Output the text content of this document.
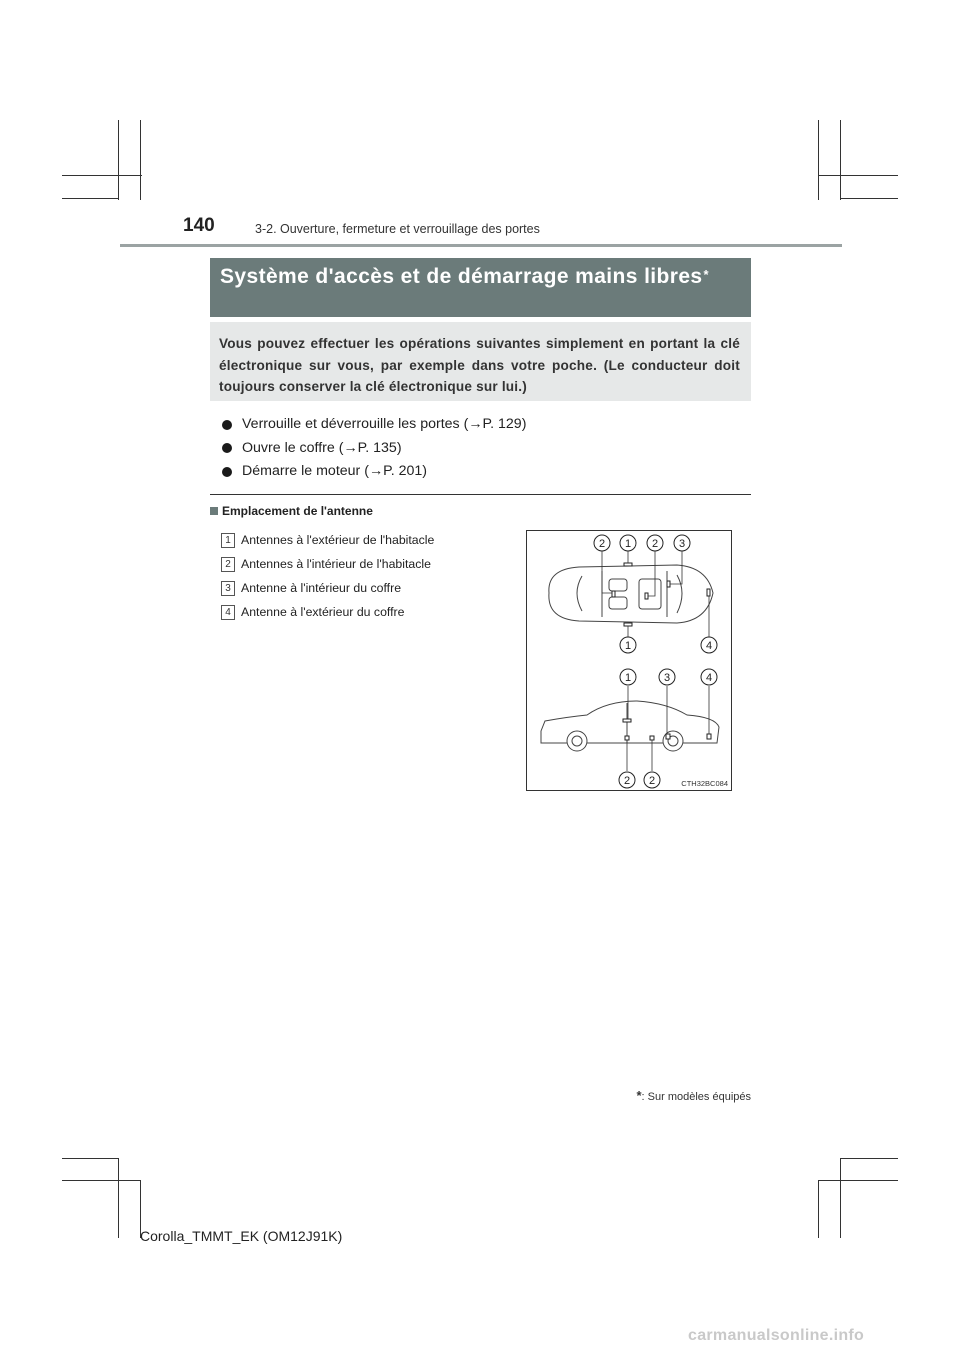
140	3-2. Ouverture, fermeture et verrouillage des portes
Système d'accès et de démarrage mains libres*
Vous pouvez effectuer les opérations suivantes simplement en portant la clé électronique sur vous, par exemple dans votre poche. (Le conducteur doit toujours conserver la clé électronique sur lui.)
Verrouille et déverrouille les portes ( → P. 129)
Ouvre le coffre ( → P. 135)
Démarre le moteur ( → P. 201)
Emplacement de l'antenne
1 Antennes à l'extérieur de l'habitacle
2 Antennes à l'intérieur de l'habitacle
3 Antenne à l'intérieur du coffre
4 Antenne à l'extérieur du coffre
2 1 2 3
1	4
1	3	4
2 2	CTH32BC084
*: Sur modèles équipés
Corolla_TMMT_EK (OM12J91K)
carmanualsonline.info
